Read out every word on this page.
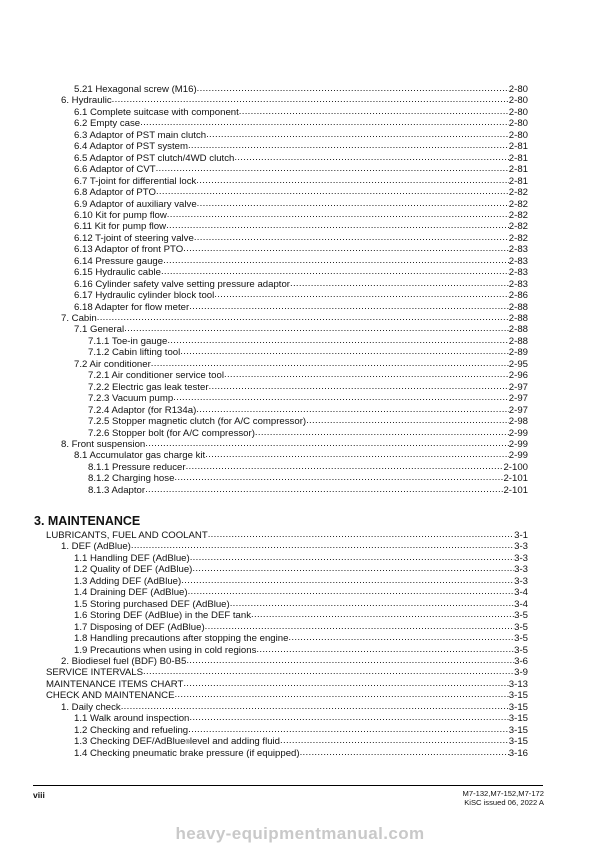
5.21 Hexagonal screw (M16) .....	2-80
6. Hydraulic .....	2-80
6.1 Complete suitcase with component .....	2-80
6.2 Empty case .....	2-80
6.3 Adaptor of PST main clutch .....	2-80
6.4 Adaptor of PST system .....	2-81
6.5 Adaptor of PST clutch/4WD clutch .....	2-81
6.6 Adaptor of CVT .....	2-81
6.7 T-joint for differential lock .....	2-81
6.8 Adaptor of PTO .....	2-82
6.9 Adaptor of auxiliary valve .....	2-82
6.10 Kit for pump flow .....	2-82
6.11 Kit for pump flow .....	2-82
6.12 T-joint of steering valve .....	2-82
6.13 Adaptor of front PTO .....	2-83
6.14 Pressure gauge .....	2-83
6.15 Hydraulic cable .....	2-83
6.16 Cylinder safety valve setting pressure adaptor .....	2-83
6.17 Hydraulic cylinder block tool .....	2-86
6.18 Adapter for flow meter .....	2-88
7. Cabin .....	2-88
7.1 General .....	2-88
7.1.1 Toe-in gauge .....	2-88
7.1.2 Cabin lifting tool .....	2-89
7.2 Air conditioner .....	2-95
7.2.1 Air conditioner service tool .....	2-96
7.2.2 Electric gas leak tester .....	2-97
7.2.3 Vacuum pump .....	2-97
7.2.4 Adaptor (for R134a) .....	2-97
7.2.5 Stopper magnetic clutch (for A/C compressor) .....	2-98
7.2.6 Stopper bolt (for A/C compressor) .....	2-99
8. Front suspension .....	2-99
8.1 Accumulator gas charge kit .....	2-99
8.1.1 Pressure reducer .....	2-100
8.1.2 Charging hose .....	2-101
8.1.3 Adaptor .....	2-101
3. MAINTENANCE
LUBRICANTS, FUEL AND COOLANT .....	3-1
1. DEF (AdBlue) .....	3-3
1.1 Handling DEF (AdBlue) .....	3-3
1.2 Quality of DEF (AdBlue) .....	3-3
1.3 Adding DEF (AdBlue) .....	3-3
1.4 Draining DEF (AdBlue) .....	3-4
1.5 Storing purchased DEF (AdBlue) .....	3-4
1.6 Storing DEF (AdBlue) in the DEF tank .....	3-5
1.7 Disposing of DEF (AdBlue) .....	3-5
1.8 Handling precautions after stopping the engine .....	3-5
1.9 Precautions when using in cold regions .....	3-5
2. Biodiesel fuel (BDF) B0-B5 .....	3-6
SERVICE INTERVALS .....	3-9
MAINTENANCE ITEMS CHART .....	3-13
CHECK AND MAINTENANCE .....	3-15
1. Daily check .....	3-15
1.1 Walk around inspection .....	3-15
1.2 Checking and refueling .....	3-15
1.3 Checking DEF/AdBlue ® level and adding fluid .....	3-15
1.4 Checking pneumatic brake pressure (if equipped) .....	3-16
viii	M7-132,M7-152,M7-172
KiSC issued 06, 2022 A
heavy-equipmentmanual.com
